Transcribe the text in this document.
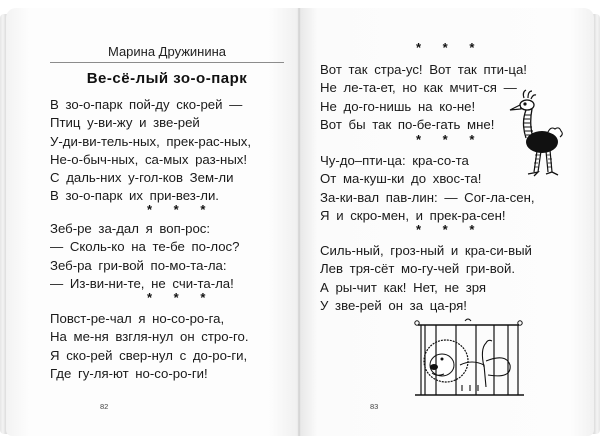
Марина Дружинина
Ве-сё-лый зо-о-парк
В зо-о-парк пой-ду ско-рей —
Птиц у-ви-жу и зве-рей
У-ди-ви-тель-ных, прек-рас-ных,
Не-о-быч-ных, са-мых раз-ных!
С даль-них у-гол-ков Зем-ли
В зо-о-парк их при-вез-ли.
* * *
Зеб-ре за-дал я воп-рос:
— Сколь-ко на те-бе по-лос?
Зеб-ра гри-вой по-мо-та-ла:
— Из-ви-ни-те, не счи-та-ла!
* * *
Повст-ре-чал я но-со-ро-га,
На ме-ня взгля-нул он стро-го.
Я ско-рей свер-нул с до-ро-ги,
Где гу-ля-ют но-со-ро-ги!
82
* * *
Вот так стра-ус! Вот так пти-ца!
Не ле-та-ет, но как мчит-ся —
Не до-го-нишь на ко-не!
Вот бы так по-бе-гать мне!
* * *
Чу-до–пти-ца: кра-со-та
От ма-куш-ки до хвос-та!
За-ки-вал пав-лин: — Сог-ла-сен,
Я и скро-мен, и прек-ра-сен!
* * *
Силь-ный, гроз-ный и кра-си-вый
Лев тря-сёт мо-гу-чей гри-вой.
А ры-чит как! Нет, не зря
У зве-рей он за ца-ря!
83
